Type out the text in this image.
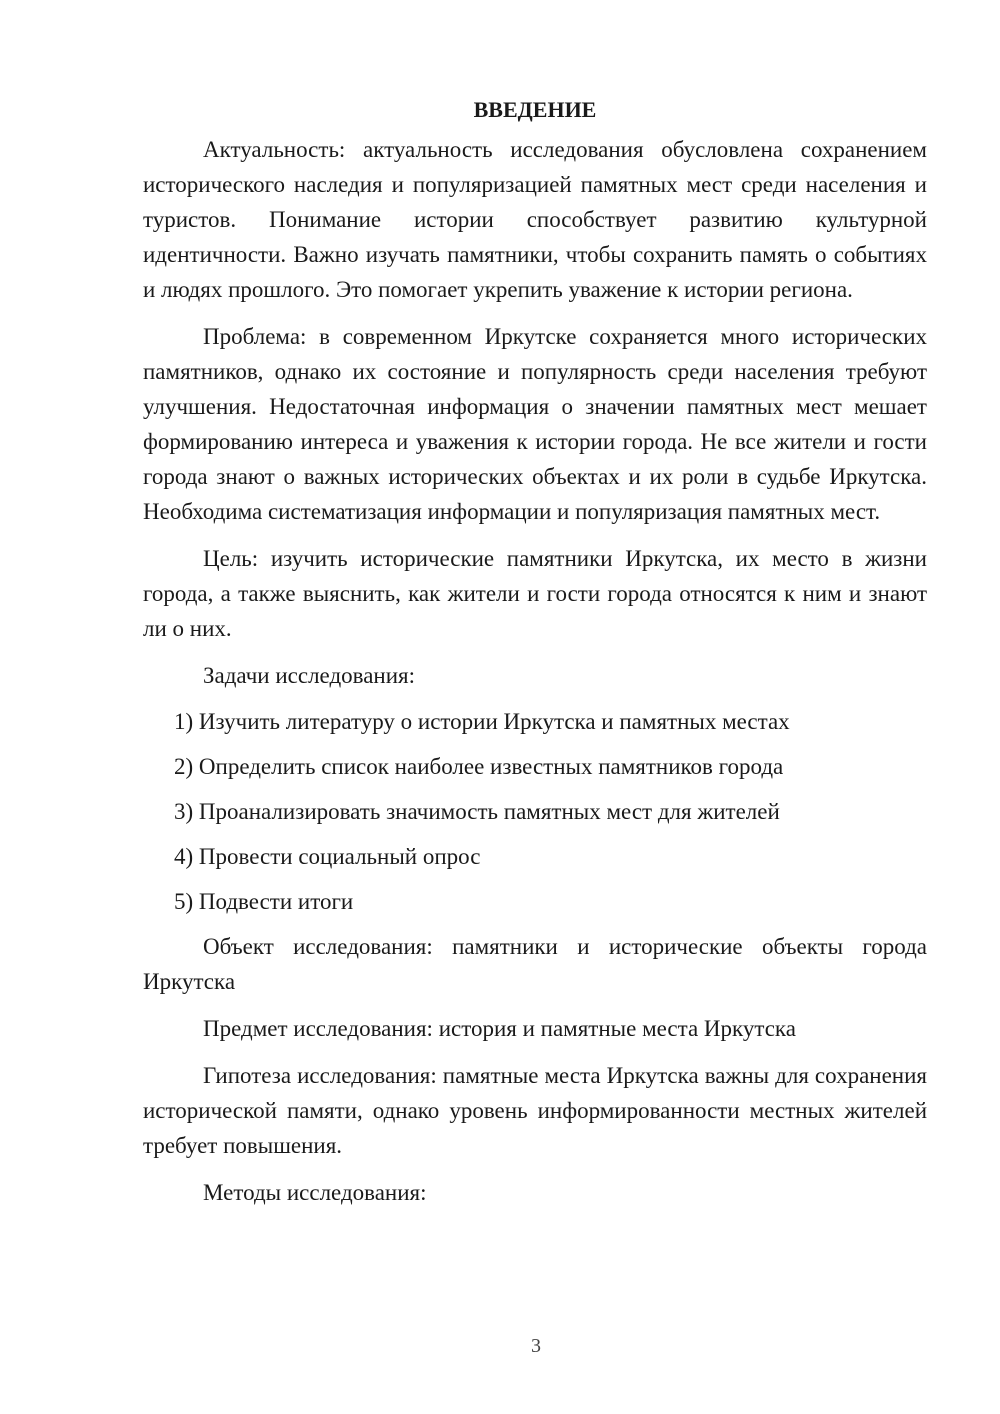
ВВЕДЕНИЕ

Актуальность: актуальность исследования обусловлена сохранением исторического наследия и популяризацией памятных мест среди населения и туристов. Понимание истории способствует развитию культурной идентичности. Важно изучать памятники, чтобы сохранить память о событиях и людях прошлого. Это помогает укрепить уважение к истории региона.

Проблема: в современном Иркутске сохраняется много исторических памятников, однако их состояние и популярность среди населения требуют улучшения. Недостаточная информация о значении памятных мест мешает формированию интереса и уважения к истории города. Не все жители и гости города знают о важных исторических объектах и их роли в судьбе Иркутска. Необходима систематизация информации и популяризация памятных мест.

Цель: изучить исторические памятники Иркутска, их место в жизни города, а также выяснить, как жители и гости города относятся к ним и знают ли о них.

Задачи исследования:

1) Изучить литературу о истории Иркутска и памятных местах
2) Определить список наиболее известных памятников города
3) Проанализировать значимость памятных мест для жителей
4) Провести социальный опрос
5) Подвести итоги

Объект исследования: памятники и исторические объекты города Иркутска

Предмет исследования: история и памятные места Иркутска

Гипотеза исследования: памятные места Иркутска важны для сохранения исторической памяти, однако уровень информированности местных жителей требует повышения.

Методы исследования:

3
